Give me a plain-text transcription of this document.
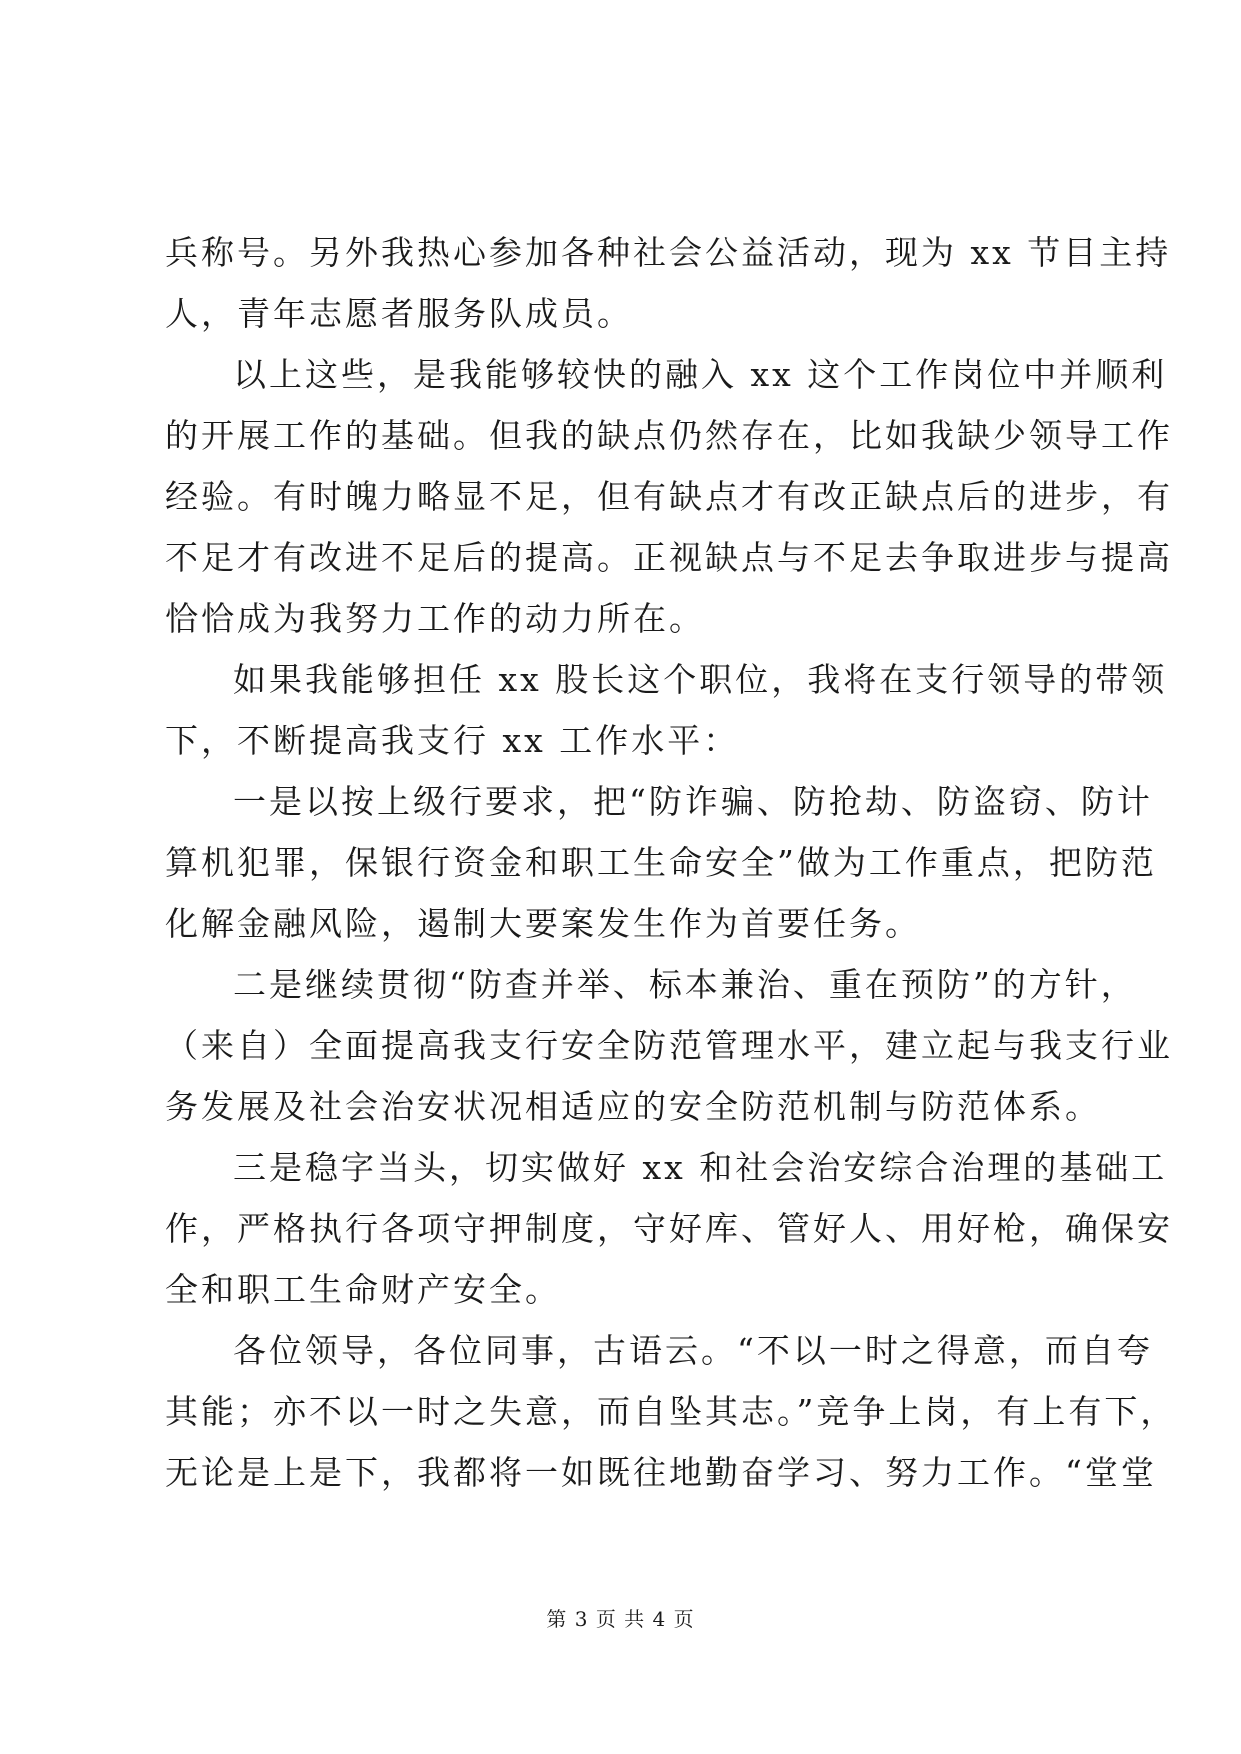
兵称号。另外我热心参加各种社会公益活动，现为 xx 节目主持
人，青年志愿者服务队成员。
以上这些，是我能够较快的融入 xx 这个工作岗位中并顺利
的开展工作的基础。但我的缺点仍然存在，比如我缺少领导工作
经验。有时魄力略显不足，但有缺点才有改正缺点后的进步，有
不足才有改进不足后的提高。正视缺点与不足去争取进步与提高
恰恰成为我努力工作的动力所在。
如果我能够担任 xx 股长这个职位，我将在支行领导的带领
下，不断提高我支行 xx 工作水平：
一是以按上级行要求，把“防诈骗、防抢劫、防盗窃、防计
算机犯罪，保银行资金和职工生命安全”做为工作重点，把防范
化解金融风险，遏制大要案发生作为首要任务。
二是继续贯彻“防查并举、标本兼治、重在预防”的方针，
（来自）全面提高我支行安全防范管理水平，建立起与我支行业
务发展及社会治安状况相适应的安全防范机制与防范体系。
三是稳字当头，切实做好 xx 和社会治安综合治理的基础工
作，严格执行各项守押制度，守好库、管好人、用好枪，确保安
全和职工生命财产安全。
各位领导，各位同事，古语云。“不以一时之得意，而自夸
其能；亦不以一时之失意，而自坠其志。”竞争上岗，有上有下，
无论是上是下，我都将一如既往地勤奋学习、努力工作。“堂堂
第 3 页 共 4 页
